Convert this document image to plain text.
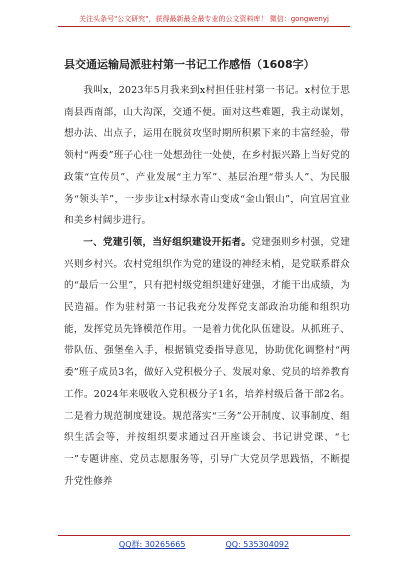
关注头条号"公文研究"，获得最新最全最专业的公文资料库！ 微信：gongwenyj
县交通运输局派驻村第一书记工作感悟（1608字）

我叫x，2023年5月我来到x村担任驻村第一书记。x村位于思南县西南部，山大沟深，交通不便。面对这些难题，我主动谋划，想办法、出点子，运用在脱贫攻坚时期所积累下来的丰富经验，带领村“两委”班子心往一处想劲往一处使，在乡村振兴路上当好党的政策“宣传员”、产业发展“主力军”、基层治理“带头人”、为民服务“领头羊”，一步步让x村绿水青山变成“金山银山”，向宜居宜业和美乡村阔步进行。

一、党建引领，当好组织建设开拓者。党建强则乡村强，党建兴则乡村兴。农村党组织作为党的建设的神经末梢，是党联系群众的“最后一公里”，只有把村级党组织建好建强，才能干出成绩，为民造福。作为驻村第一书记我充分发挥党支部政治功能和组织功能，发挥党员先锋模范作用。一是着力优化队伍建设。从抓班子、带队伍、强堡垒入手，根据镇党委指导意见，协助优化调整村“两委”班子成员3名，做好入党积极分子、发展对象、党员的培养教育工作。2024年来吸收入党积极分子1名，培养村级后备干部2名。二是着力规范制度建设。规范落实“三务”公开制度、议事制度、组织生活会等，并按组织要求通过召开座谈会、书记讲党课、“七一”专题讲座、党员志愿服务等，引导广大党员学思践悟，不断提升党性修养

QQ群: 30265665	QQ: 535304092
